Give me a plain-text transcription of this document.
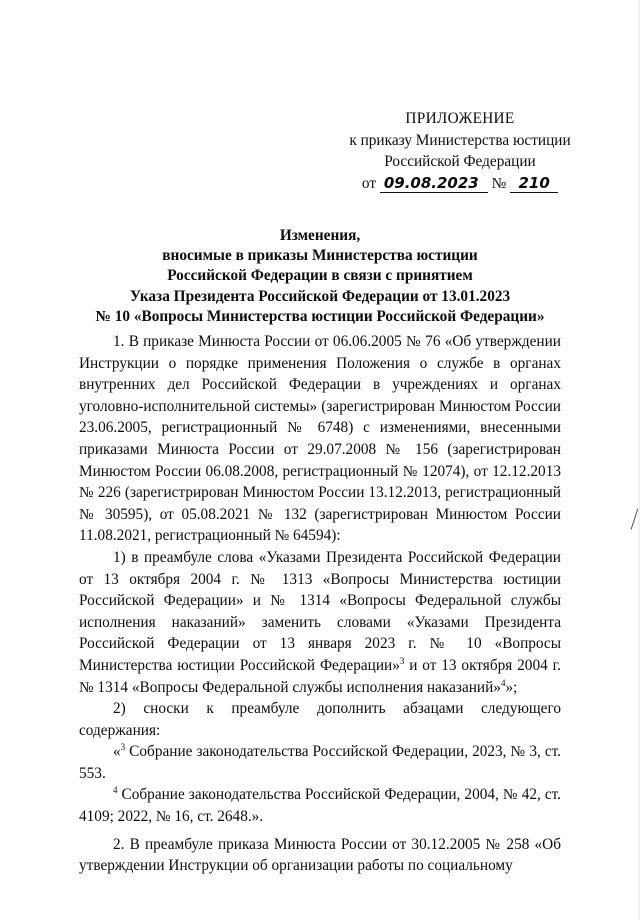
ПРИЛОЖЕНИЕ
к приказу Министерства юстиции
Российской Федерации
от 09.08.2023 № 210
Изменения,
вносимые в приказы Министерства юстиции
Российской Федерации в связи с принятием
Указа Президента Российской Федерации от 13.01.2023
№ 10 «Вопросы Министерства юстиции Российской Федерации»

1. В приказе Минюста России от 06.06.2005 № 76 «Об утверждении Инструкции о порядке применения Положения о службе в органах внутренних дел Российской Федерации в учреждениях и органах уголовно-исполнительной системы» (зарегистрирован Минюстом России 23.06.2005, регистрационный № 6748) с изменениями, внесенными приказами Минюста России от 29.07.2008 № 156 (зарегистрирован Минюстом России 06.08.2008, регистрационный № 12074), от 12.12.2013 № 226 (зарегистрирован Минюстом России 13.12.2013, регистрационный № 30595), от 05.08.2021 № 132 (зарегистрирован Минюстом России 11.08.2021, регистрационный № 64594):

1) в преамбуле слова «Указами Президента Российской Федерации от 13 октября 2004 г. № 1313 «Вопросы Министерства юстиции Российской Федерации» и № 1314 «Вопросы Федеральной службы исполнения наказаний» заменить словами «Указами Президента Российской Федерации от 13 января 2023 г. № 10 «Вопросы Министерства юстиции Российской Федерации»$^3$ и от 13 октября 2004 г. № 1314 «Вопросы Федеральной службы исполнения наказаний»$^4$»;

2) сноски к преамбуле дополнить абзацами следующего содержания:

«$^3$ Собрание законодательства Российской Федерации, 2023, № 3, ст. 553.

$^4$ Собрание законодательства Российской Федерации, 2004, № 42, ст. 4109; 2022, № 16, ст. 2648.».

2. В преамбуле приказа Минюста России от 30.12.2005 № 258 «Об утверждении Инструкции об организации работы по социальному
